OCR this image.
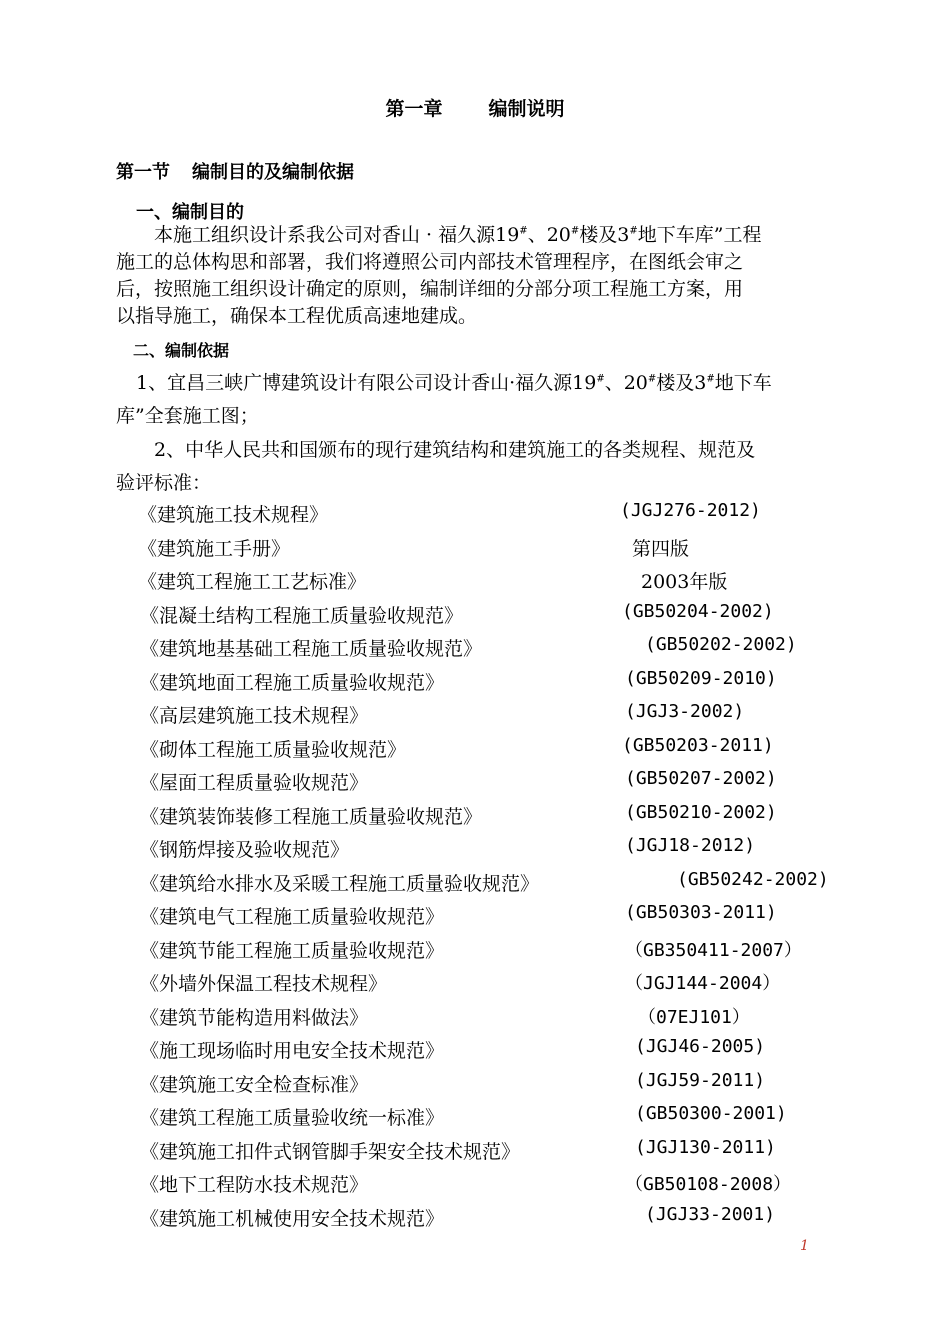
第一章 编制说明
第一节 编制目的及编制依据
一、编制目的
本施工组织设计系我公司对香山 · 福久源19#、20#楼及3#地下车库”工程
施工的总体构思和部署，我们将遵照公司内部技术管理程序，在图纸会审之
后，按照施工组织设计确定的原则，编制详细的分部分项工程施工方案，用
以指导施工，确保本工程优质高速地建成。
二、编制依据
1、宜昌三峡广博建筑设计有限公司设计香山·福久源19#、20#楼及3#地下车
库”全套施工图；
2、中华人民共和国颁布的现行建筑结构和建筑施工的各类规程、规范及
验评标准：
《建筑施工技术规程》	(JGJ276-2012)
《建筑施工手册》	第四版
《建筑工程施工工艺标准》	2003年版
《混凝土结构工程施工质量验收规范》	(GB50204-2002)
《建筑地基基础工程施工质量验收规范》	(GB50202-2002)
《建筑地面工程施工质量验收规范》	(GB50209-2010)
《高层建筑施工技术规程》	(JGJ3-2002)
《砌体工程施工质量验收规范》	(GB50203-2011)
《屋面工程质量验收规范》	(GB50207-2002)
《建筑装饰装修工程施工质量验收规范》	(GB50210-2002)
《钢筋焊接及验收规范》	(JGJ18-2012)
《建筑给水排水及采暖工程施工质量验收规范》	(GB50242-2002)
《建筑电气工程施工质量验收规范》	(GB50303-2011)
《建筑节能工程施工质量验收规范》	（GB350411-2007）
《外墙外保温工程技术规程》	（JGJ144-2004）
《建筑节能构造用料做法》	（07EJ101）
《施工现场临时用电安全技术规范》	(JGJ46-2005)
《建筑施工安全检查标准》	(JGJ59-2011)
《建筑工程施工质量验收统一标准》	(GB50300-2001)
《建筑施工扣件式钢管脚手架安全技术规范》	(JGJ130-2011)
《地下工程防水技术规范》	（GB50108-2008）
《建筑施工机械使用安全技术规范》	(JGJ33-2001)
1
